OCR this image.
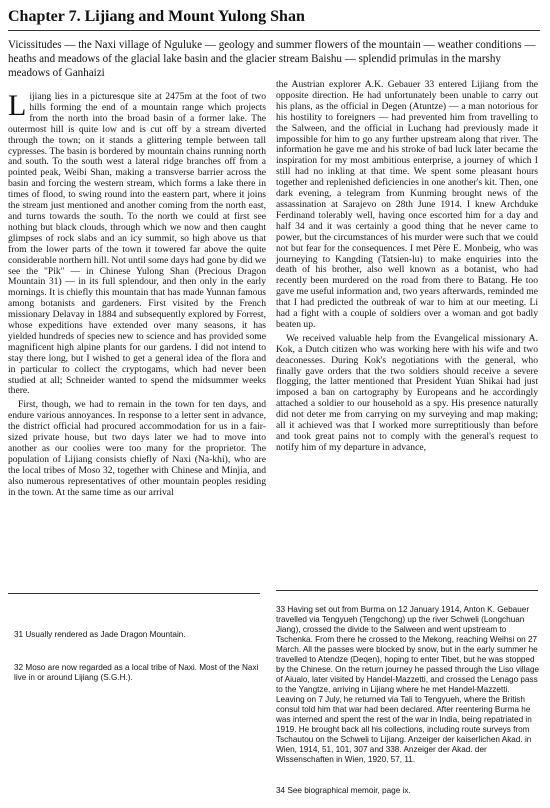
Chapter 7. Lijiang and Mount Yulong Shan
Vicissitudes — the Naxi village of Nguluke — geology and summer flowers of the mountain — weather conditions — heaths and meadows of the glacial lake basin and the glacier stream Baishu — splendid primulas in the marshy meadows of Ganhaizi

Lijiang lies in a picturesque site at 2475m at the foot of two hills forming the end of a mountain range which projects from the north into the broad basin of a former lake. The outermost hill is quite low and is cut off by a stream diverted through the town; on it stands a glittering temple between tall cypresses. The basin is bordered by mountain chains running north and south. To the south west a lateral ridge branches off from a pointed peak, Weibi Shan, making a transverse barrier across the basin and forcing the western stream, which forms a lake there in times of flood, to swing round into the eastern part, where it joins the stream just mentioned and another coming from the north east, and turns towards the south. To the north we could at first see nothing but black clouds, through which we now and then caught glimpses of rock slabs and an icy summit, so high above us that from the lower parts of the town it towered far above the quite considerable northern hill. Not until some days had gone by did we see the "Pik" — in Chinese Yulong Shan (Precious Dragon Mountain 31) — in its full splendour, and then only in the early mornings. It is chiefly this mountain that has made Yunnan famous among botanists and gardeners. First visited by the French missionary Delavay in 1884 and subsequently explored by Forrest, whose expeditions have extended over many seasons, it has yielded hundreds of species new to science and has provided some magnificent high alpine plants for our gardens. I did not intend to stay there long, but I wished to get a general idea of the flora and in particular to collect the cryptogams, which had never been studied at all; Schneider wanted to spend the midsummer weeks there.

First, though, we had to remain in the town for ten days, and endure various annoyances. In response to a letter sent in advance, the district official had procured accommodation for us in a fair-sized private house, but two days later we had to move into another as our coolies were too many for the proprietor. The population of Lijiang consists chiefly of Naxi (Na-khi), who are the local tribes of Moso 32, together with Chinese and Minjia, and also numerous representatives of other mountain peoples residing in the town. At the same time as our arrival

the Austrian explorer A.K. Gebauer 33 entered Lijiang from the opposite direction. He had unfortunately been unable to carry out his plans, as the official in Degen (Atuntze) — a man notorious for his hostility to foreigners — had prevented him from travelling to the Salween, and the official in Luchang had previously made it impossible for him to go any further upstream along that river. The information he gave me and his stroke of bad luck later became the inspiration for my most ambitious enterprise, a journey of which I still had no inkling at that time. We spent some pleasant hours together and replenished deficiencies in one another's kit. Then, one dark evening, a telegram from Kunming brought news of the assassination at Sarajevo on 28th June 1914. I knew Archduke Ferdinand tolerably well, having once escorted him for a day and half 34 and it was certainly a good thing that he never came to power, but the circumstances of his murder were such that we could not but fear for the consequences. I met Père E. Monbeig, who was journeying to Kangding (Tatsien-lu) to make enquiries into the death of his brother, also well known as a botanist, who had recently been murdered on the road from there to Batang. He too gave me useful information and, two years afterwards, reminded me that I had predicted the outbreak of war to him at our meeting. Li had a fight with a couple of soldiers over a woman and got badly beaten up.

We received valuable help from the Evangelical missionary A. Kok, a Dutch citizen who was working here with his wife and two deaconesses. During Kok's negotiations with the general, who finally gave orders that the two soldiers should receive a severe flogging, the latter mentioned that President Yuan Shikai had just imposed a ban on cartography by Europeans and he accordingly attached a soldier to our household as a spy. His presence naturally did not deter me from carrying on my surveying and map making; all it achieved was that I worked more surreptitiously than before and took great pains not to comply with the general's request to notify him of my departure in advance,

31 Usually rendered as Jade Dragon Mountain.
32 Moso are now regarded as a local tribe of Naxi. Most of the Naxi live in or around Lijiang (S.G.H.).
33 Having set out from Burma on 12 January 1914, Anton K. Gebauer travelled via Tengyueh (Tengchong) up the river Schweli (Longchuan Jiang), crossed the divide to the Salween and went upstream to Tschenka. From there he crossed to the Mekong, reaching Weihsi on 27 March. All the passes were blocked by snow, but in the early summer he travelled to Atendze (Deqen), hoping to enter Tibet, but he was stopped by the Chinese. On the return journey he passed through the Liso village of Aiualo, later visited by Handel-Mazzetti, and crossed the Lenago pass to the Yangtze, arriving in Lijiang where he met Handel-Mazzetti. Leaving on 7 July, he returned via Tali to Tengyueh, where the British consul told him that war had been declared. After reentering Burma he was interned and spent the rest of the war in India, being repatriated in 1919. He brought back all his collections, including route surveys from Tschautou on the Schweli to Lijiang. Anzeiger der kaiserlichen Akad. in Wien, 1914, 51, 101, 307 and 338. Anzeiger der Akad. der Wissenschaften in Wien, 1920, 57, 11.
34 See biographical memoir, page ix.
